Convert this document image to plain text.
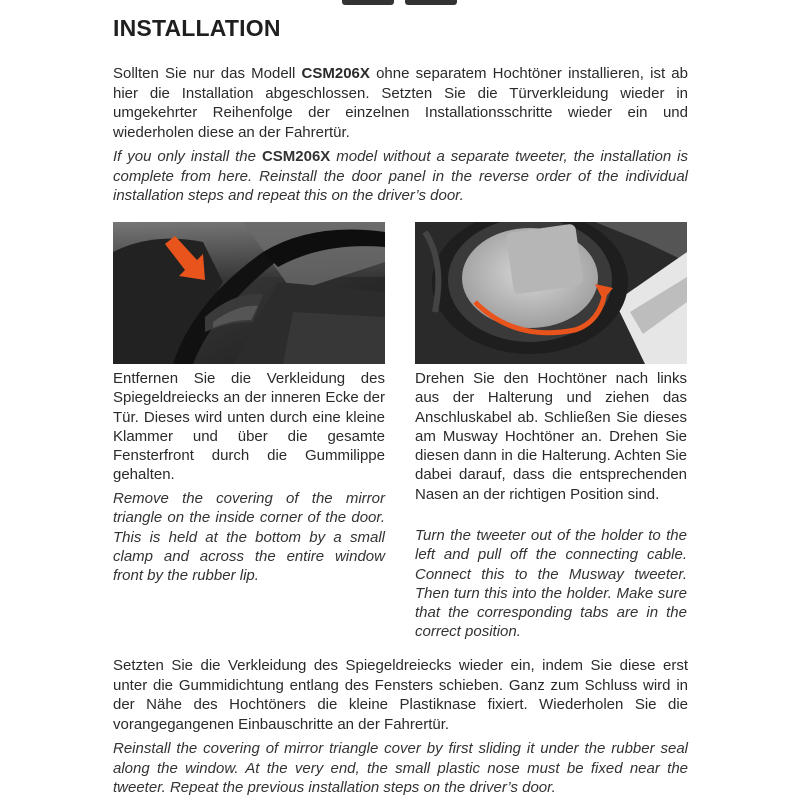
INSTALLATION

Sollten Sie nur das Modell CSM206X ohne separatem Hochtöner installieren, ist ab hier die Installation abgeschlossen. Setzten Sie die Türverkleidung wieder in umgekehrter Reihenfolge der einzelnen Installationsschritte wieder ein und wiederholen diese an der Fahrertür.

If you only install the CSM206X model without a separate tweeter, the installation is complete from here. Reinstall the door panel in the reverse order of the individual installation steps and repeat this on the driver’s door.

Entfernen Sie die Verkleidung des Spiegeldreiecks an der inneren Ecke der Tür. Dieses wird unten durch eine kleine Klammer und über die gesamte Fensterfront durch die Gummilippe gehalten.

Remove the covering of the mirror triangle on the inside corner of the door. This is held at the bottom by a small clamp and across the entire window front by the rubber lip.

Drehen Sie den Hochtöner nach links aus der Halterung und ziehen das Anschluskabel ab. Schließen Sie dieses am Musway Hochtöner an. Drehen Sie diesen dann in die Halterung. Achten Sie dabei darauf, dass die entsprechenden Nasen an der richtigen Position sind.

Turn the tweeter out of the holder to the left and pull off the connecting cable. Connect this to the Musway tweeter. Then turn this into the holder. Make sure that the corresponding tabs are in the correct position.

Setzten Sie die Verkleidung des Spiegeldreiecks wieder ein, indem Sie diese erst unter die Gummidichtung entlang des Fensters schieben. Ganz zum Schluss wird in der Nähe des Hochtöners die kleine Plastiknase fixiert. Wiederholen Sie die vorangegangenen Einbauschritte an der Fahrertür.

Reinstall the covering of mirror triangle cover by first sliding it under the rubber seal along the window. At the very end, the small plastic nose must be fixed near the tweeter. Repeat the previous installation steps on the driver’s door.
